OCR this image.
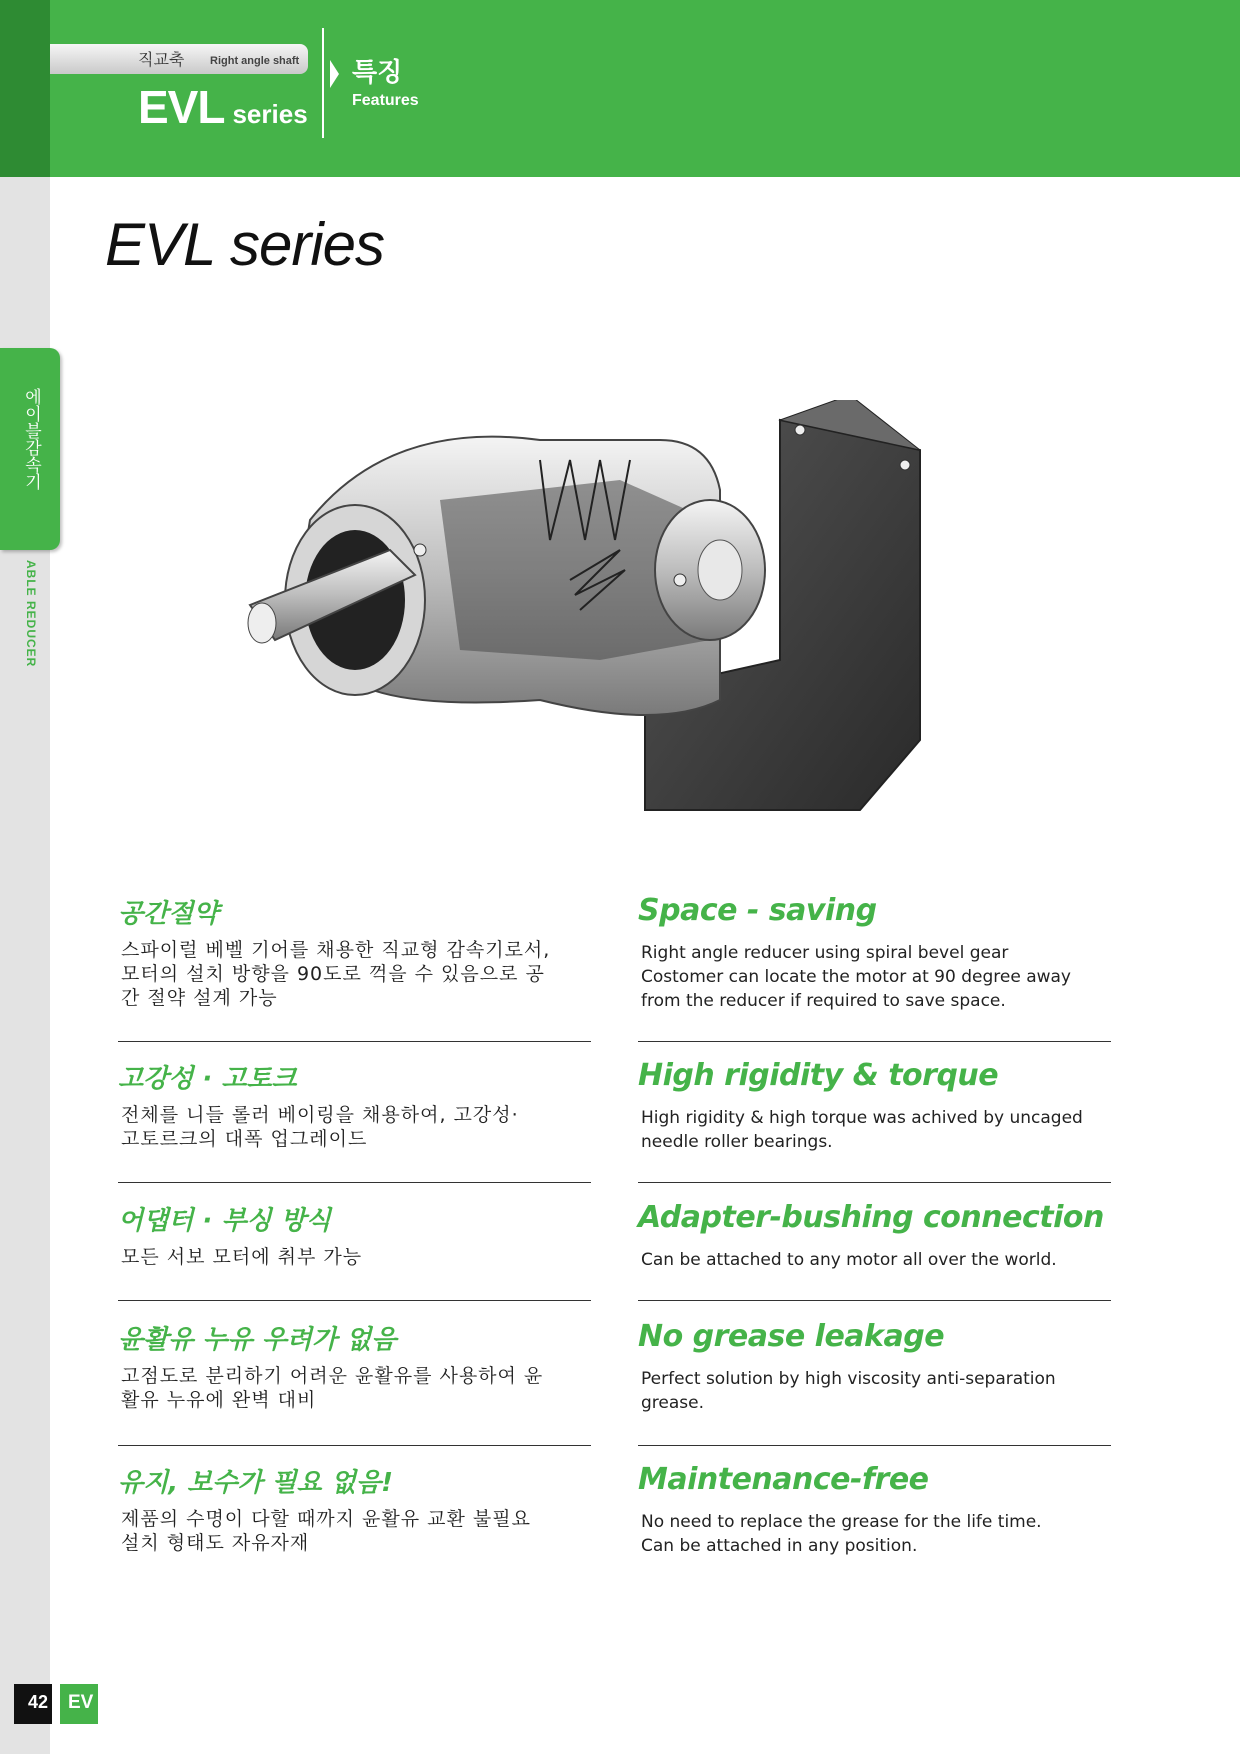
직교축 Right angle shaft
EVL series
특징
Features
에이블감속기
ABLE REDUCER
EVL series
공간절약
스파이럴 베벨 기어를 채용한 직교형 감속기로서,
모터의 설치 방향을 90도로 꺽을 수 있음으로 공
간 절약 설계 가능
Space - saving
Right angle reducer using spiral bevel gear
Costomer can locate the motor at 90 degree away
from the reducer if required to save space.
고강성 · 고토크
전체를 니들 롤러 베이링을 채용하여, 고강성·
고토르크의 대폭 업그레이드
High rigidity & torque
High rigidity & high torque was achived by uncaged
needle roller bearings.
어댑터 · 부싱 방식
모든 서보 모터에 취부 가능
Adapter-bushing connection
Can be attached to any motor all over the world.
윤활유 누유 우려가 없음
고점도로 분리하기 어려운 윤활유를 사용하여 윤
활유 누유에 완벽 대비
No grease leakage
Perfect solution by high viscosity anti-separation
grease.
유지, 보수가 필요 없음!
제품의 수명이 다할 때까지 윤활유 교환 불필요
설치 형태도 자유자재
Maintenance-free
No need to replace the grease for the life time.
Can be attached in any position.
42 EV
